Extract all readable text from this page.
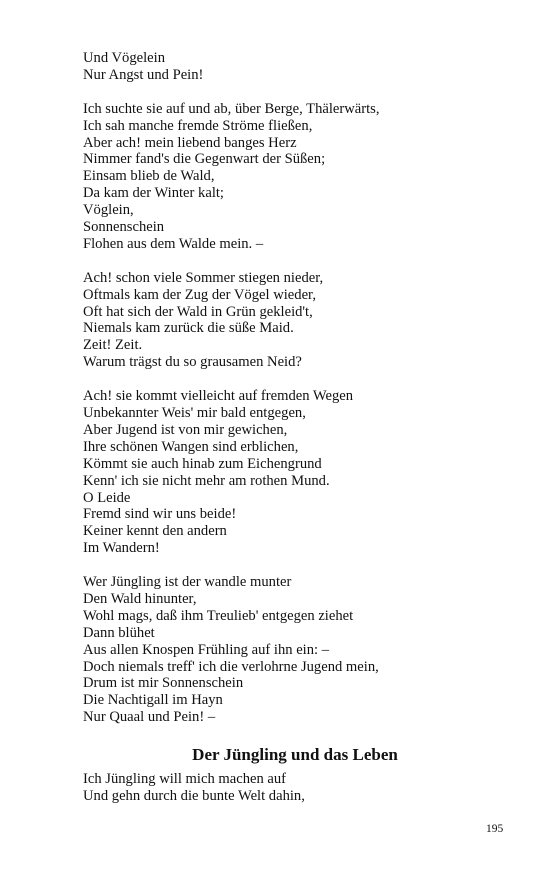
Und Vögelein
Nur Angst und Pein!
Ich suchte sie auf und ab, über Berge, Thälerwärts,
Ich sah manche fremde Ströme fließen,
Aber ach! mein liebend banges Herz
Nimmer fand's die Gegenwart der Süßen;
Einsam blieb de Wald,
Da kam der Winter kalt;
Vöglein,
Sonnenschein
Flohen aus dem Walde mein. –
Ach! schon viele Sommer stiegen nieder,
Oftmals kam der Zug der Vögel wieder,
Oft hat sich der Wald in Grün gekleid't,
Niemals kam zurück die süße Maid.
Zeit! Zeit.
Warum trägst du so grausamen Neid?
Ach! sie kommt vielleicht auf fremden Wegen
Unbekannter Weis' mir bald entgegen,
Aber Jugend ist von mir gewichen,
Ihre schönen Wangen sind erblichen,
Kömmt sie auch hinab zum Eichengrund
Kenn' ich sie nicht mehr am rothen Mund.
O Leide
Fremd sind wir uns beide!
Keiner kennt den andern
Im Wandern!
Wer Jüngling ist der wandle munter
Den Wald hinunter,
Wohl mags, daß ihm Treulieb' entgegen ziehet
Dann blühet
Aus allen Knospen Frühling auf ihn ein: –
Doch niemals treff' ich die verlohrne Jugend mein,
Drum ist mir Sonnenschein
Die Nachtigall im Hayn
Nur Quaal und Pein! –
Der Jüngling und das Leben
Ich Jüngling will mich machen auf
Und gehn durch die bunte Welt dahin,
195
